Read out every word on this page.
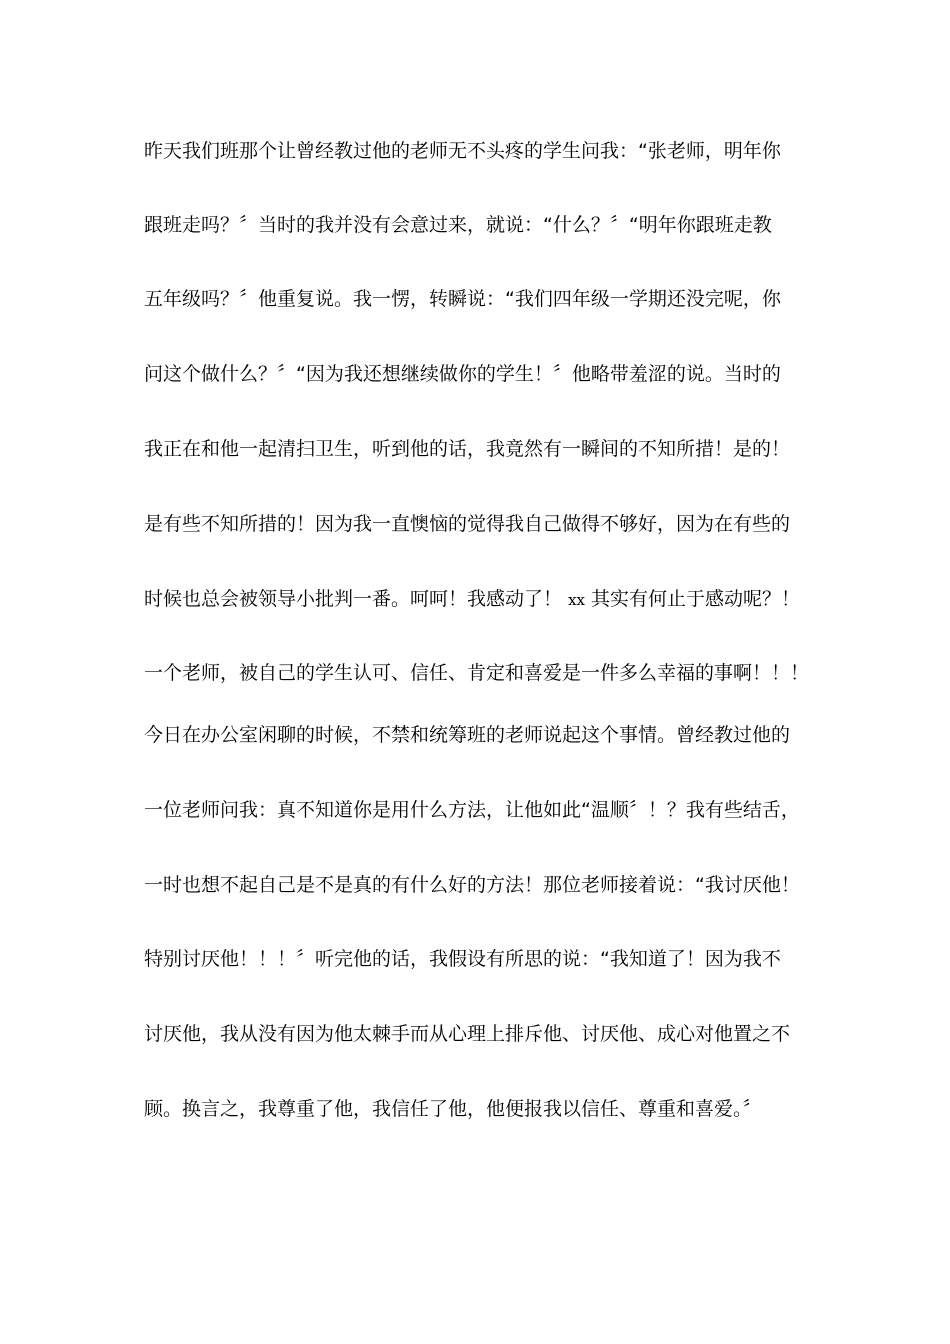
昨天我们班那个让曾经教过他的老师无不头疼的学生问我：“张老师，明年你
跟班走吗？〞当时的我并没有会意过来，就说：“什么？〞“明年你跟班走教
五年级吗？〞他重复说。我一愣，转瞬说：“我们四年级一学期还没完呢，你
问这个做什么？〞“因为我还想继续做你的学生！〞他略带羞涩的说。当时的
我正在和他一起清扫卫生，听到他的话，我竟然有一瞬间的不知所措！是的！
是有些不知所措的！因为我一直懊恼的觉得我自己做得不够好，因为在有些的
时候也总会被领导小批判一番。呵呵！我感动了！ xx 其实有何止于感动呢？！
一个老师，被自己的学生认可、信任、肯定和喜爱是一件多么幸福的事啊！！！
今日在办公室闲聊的时候，不禁和统筹班的老师说起这个事情。曾经教过他的
一位老师问我：真不知道你是用什么方法，让他如此“温顺〞！？我有些结舌，
一时也想不起自己是不是真的有什么好的方法！那位老师接着说：“我讨厌他！
特别讨厌他！！！〞听完他的话，我假设有所思的说：“我知道了！因为我不
讨厌他，我从没有因为他太棘手而从心理上排斥他、讨厌他、成心对他置之不
顾。换言之，我尊重了他，我信任了他，他便报我以信任、尊重和喜爱。〞
